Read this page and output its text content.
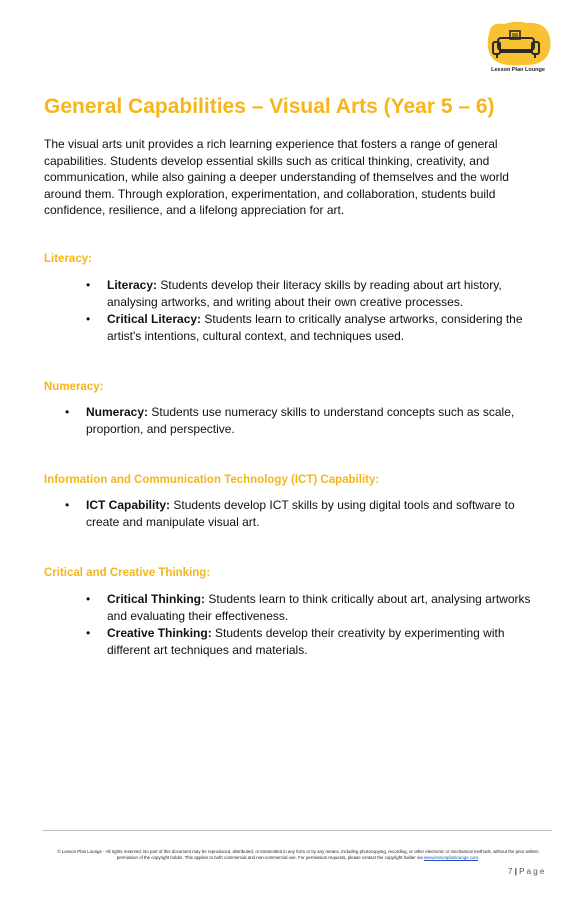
Lesson Plan Lounge
General Capabilities – Visual Arts (Year 5 – 6)
The visual arts unit provides a rich learning experience that fosters a range of general capabilities. Students develop essential skills such as critical thinking, creativity, and communication, while also gaining a deeper understanding of themselves and the world around them. Through exploration, experimentation, and collaboration, students build confidence, resilience, and a lifelong appreciation for art.
Literacy:
• Literacy: Students develop their literacy skills by reading about art history, analysing artworks, and writing about their own creative processes.
• Critical Literacy: Students learn to critically analyse artworks, considering the artist's intentions, cultural context, and techniques used.
Numeracy:
• Numeracy: Students use numeracy skills to understand concepts such as scale, proportion, and perspective.
Information and Communication Technology (ICT) Capability:
• ICT Capability: Students develop ICT skills by using digital tools and software to create and manipulate visual art.
Critical and Creative Thinking:
• Critical Thinking: Students learn to think critically about art, analysing artworks and evaluating their effectiveness.
• Creative Thinking: Students develop their creativity by experimenting with different art techniques and materials.
© Lesson Plan Lounge - All rights reserved. No part of this document may be reproduced, distributed, or transmitted in any form or by any means, including photocopying, recording, or other electronic or mechanical methods, without the prior written permission of the copyright holder. This applies to both commercial and non-commercial use. For permission requests, please contact the copyright holder via www.lessonplanlounge.com.
7 | P a g e
